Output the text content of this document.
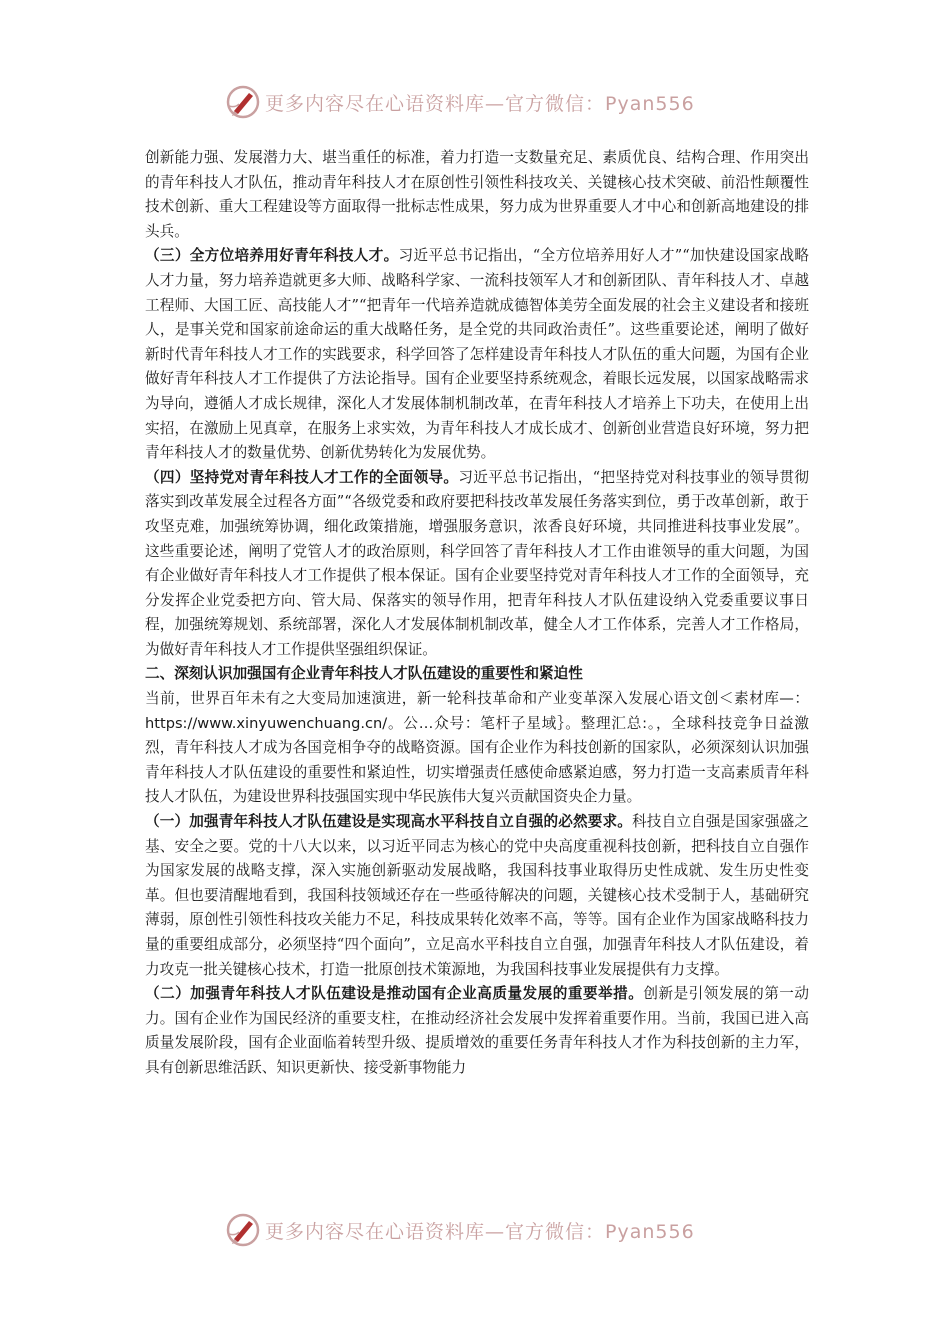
更多内容尽在心语资料库—官方微信：Pyan556

创新能力强、发展潜力大、堪当重任的标准，着力打造一支数量充足、素质优良、结构合理、作用突出的青年科技人才队伍，推动青年科技人才在原创性引领性科技攻关、关键核心技术突破、前沿性颠覆性技术创新、重大工程建设等方面取得一批标志性成果，努力成为世界重要人才中心和创新高地建设的排头兵。

（三）全方位培养用好青年科技人才。习近平总书记指出，“全方位培养用好人才”“加快建设国家战略人才力量，努力培养造就更多大师、战略科学家、一流科技领军人才和创新团队、青年科技人才、卓越工程师、大国工匠、高技能人才”“把青年一代培养造就成德智体美劳全面发展的社会主义建设者和接班人，是事关党和国家前途命运的重大战略任务，是全党的共同政治责任”。这些重要论述，阐明了做好新时代青年科技人才工作的实践要求，科学回答了怎样建设青年科技人才队伍的重大问题，为国有企业做好青年科技人才工作提供了方法论指导。国有企业要坚持系统观念，着眼长远发展，以国家战略需求为导向，遵循人才成长规律，深化人才发展体制机制改革，在青年科技人才培养上下功夫，在使用上出实招，在激励上见真章，在服务上求实效，为青年科技人才成长成才、创新创业营造良好环境，努力把青年科技人才的数量优势、创新优势转化为发展优势。

（四）坚持党对青年科技人才工作的全面领导。习近平总书记指出，“把坚持党对科技事业的领导贯彻落实到改革发展全过程各方面”“各级党委和政府要把科技改革发展任务落实到位，勇于改革创新，敢于攻坚克难，加强统筹协调，细化政策措施，增强服务意识，浓香良好环境，共同推进科技事业发展”。这些重要论述，阐明了党管人才的政治原则，科学回答了青年科技人才工作由谁领导的重大问题，为国有企业做好青年科技人才工作提供了根本保证。国有企业要坚持党对青年科技人才工作的全面领导，充分发挥企业党委把方向、管大局、保落实的领导作用，把青年科技人才队伍建设纳入党委重要议事日程，加强统筹规划、系统部署，深化人才发展体制机制改革，健全人才工作体系，完善人才工作格局，为做好青年科技人才工作提供坚强组织保证。

二、深刻认识加强国有企业青年科技人才队伍建设的重要性和紧迫性

当前，世界百年未有之大变局加速演进，新一轮科技革命和产业变革深入发展心语文创＜素材库—：https://www.xinyuwenchuang.cn/。公…众号：笔杆子星域｝。整理汇总:。，全球科技竞争日益激烈，青年科技人才成为各国竞相争夺的战略资源。国有企业作为科技创新的国家队，必须深刻认识加强青年科技人才队伍建设的重要性和紧迫性，切实增强责任感使命感紧迫感，努力打造一支高素质青年科技人才队伍，为建设世界科技强国实现中华民族伟大复兴贡献国资央企力量。

（一）加强青年科技人才队伍建设是实现高水平科技自立自强的必然要求。科技自立自强是国家强盛之基、安全之要。党的十八大以来，以习近平同志为核心的党中央高度重视科技创新，把科技自立自强作为国家发展的战略支撑，深入实施创新驱动发展战略，我国科技事业取得历史性成就、发生历史性变革。但也要清醒地看到，我国科技领域还存在一些亟待解决的问题，关键核心技术受制于人，基础研究薄弱，原创性引领性科技攻关能力不足，科技成果转化效率不高，等等。国有企业作为国家战略科技力量的重要组成部分，必须坚持“四个面向”，立足高水平科技自立自强，加强青年科技人才队伍建设，着力攻克一批关键核心技术，打造一批原创技术策源地，为我国科技事业发展提供有力支撑。

（二）加强青年科技人才队伍建设是推动国有企业高质量发展的重要举措。创新是引领发展的第一动力。国有企业作为国民经济的重要支柱，在推动经济社会发展中发挥着重要作用。当前，我国已进入高质量发展阶段，国有企业面临着转型升级、提质增效的重要任务青年科技人才作为科技创新的主力军，具有创新思维活跃、知识更新快、接受新事物能力

更多内容尽在心语资料库—官方微信：Pyan556
